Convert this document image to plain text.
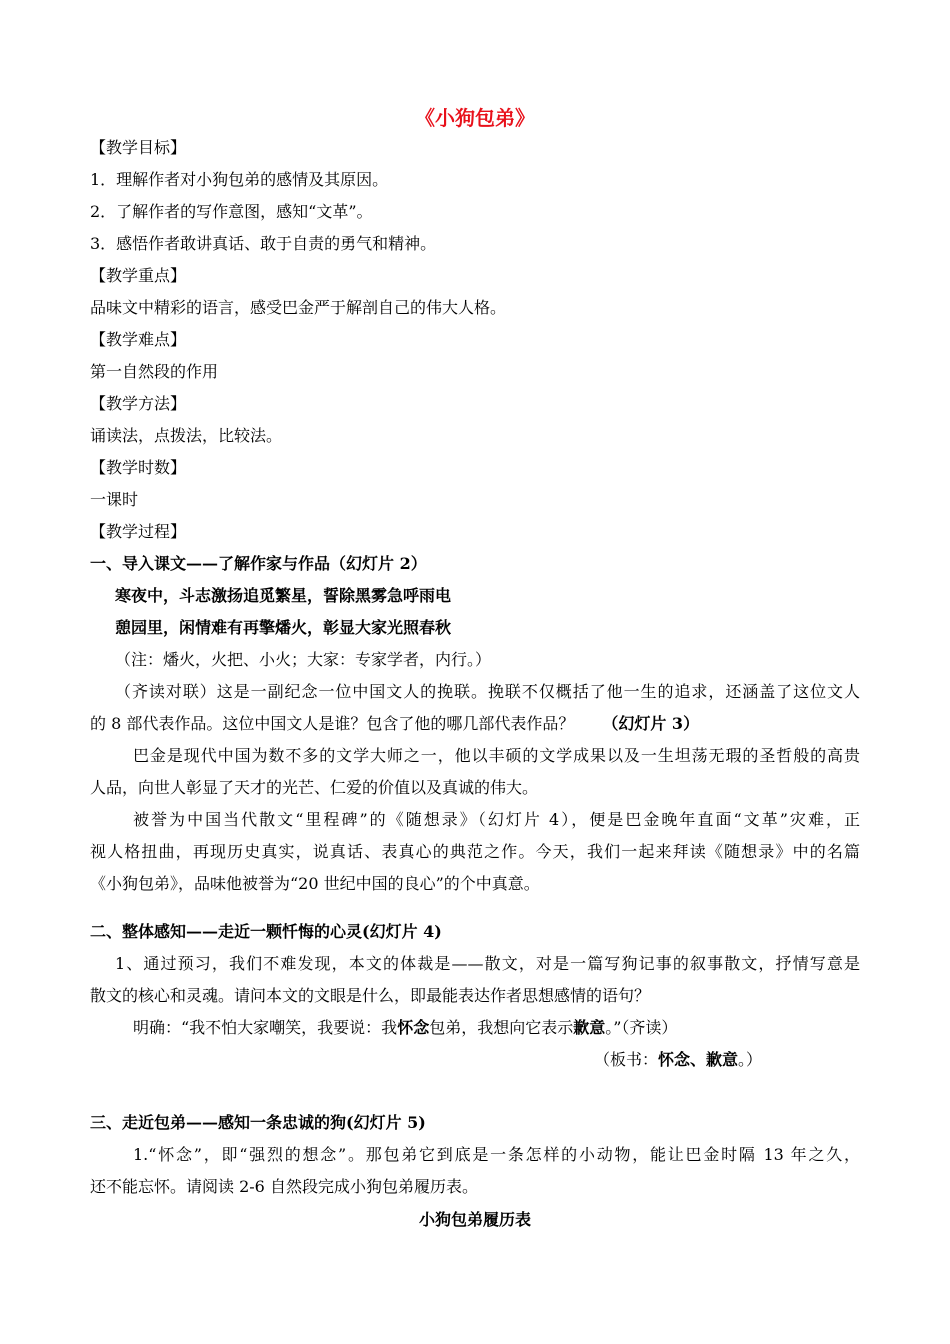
《小狗包弟》
【教学目标】
1．理解作者对小狗包弟的感情及其原因。
2．了解作者的写作意图，感知“文革”。
3．感悟作者敢讲真话、敢于自责的勇气和精神。
【教学重点】
品味文中精彩的语言，感受巴金严于解剖自己的伟大人格。
【教学难点】
第一自然段的作用
【教学方法】
诵读法，点拨法，比较法。
【教学时数】
一课时
【教学过程】
一、导入课文——了解作家与作品（幻灯片 2）
寒夜中，斗志激扬追觅繁星，誓除黑雾急呼雨电
憩园里，闲情难有再擎燔火，彰显大家光照春秋
（注：燔火，火把、小火；大家：专家学者，内行。）
（齐读对联）这是一副纪念一位中国文人的挽联。挽联不仅概括了他一生的追求，还涵盖了这位文人
的 8 部代表作品。这位中国文人是谁？包含了他的哪几部代表作品？ （幻灯片 3）
巴金是现代中国为数不多的文学大师之一，他以丰硕的文学成果以及一生坦荡无瑕的圣哲般的高贵
人品，向世人彰显了天才的光芒、仁爱的价值以及真诚的伟大。
被誉为中国当代散文“里程碑”的《随想录》（幻灯片 4），便是巴金晚年直面“文革”灾难，正
视人格扭曲，再现历史真实，说真话、表真心的典范之作。今天，我们一起来拜读《随想录》中的名篇
《小狗包弟》，品味他被誉为“20 世纪中国的良心”的个中真意。
二、整体感知——走近一颗忏悔的心灵(幻灯片 4)
1、通过预习，我们不难发现，本文的体裁是——散文，对是一篇写狗记事的叙事散文，抒情写意是
散文的核心和灵魂。请问本文的文眼是什么，即最能表达作者思想感情的语句？
明确：“我不怕大家嘲笑，我要说：我怀念包弟，我想向它表示歉意。”（齐读）
（板书：怀念、歉意。）
三、走近包弟——感知一条忠诚的狗(幻灯片 5)
1.“怀念”，即“强烈的想念”。那包弟它到底是一条怎样的小动物，能让巴金时隔 13 年之久，
还不能忘怀。请阅读 2-6 自然段完成小狗包弟履历表。
小狗包弟履历表
